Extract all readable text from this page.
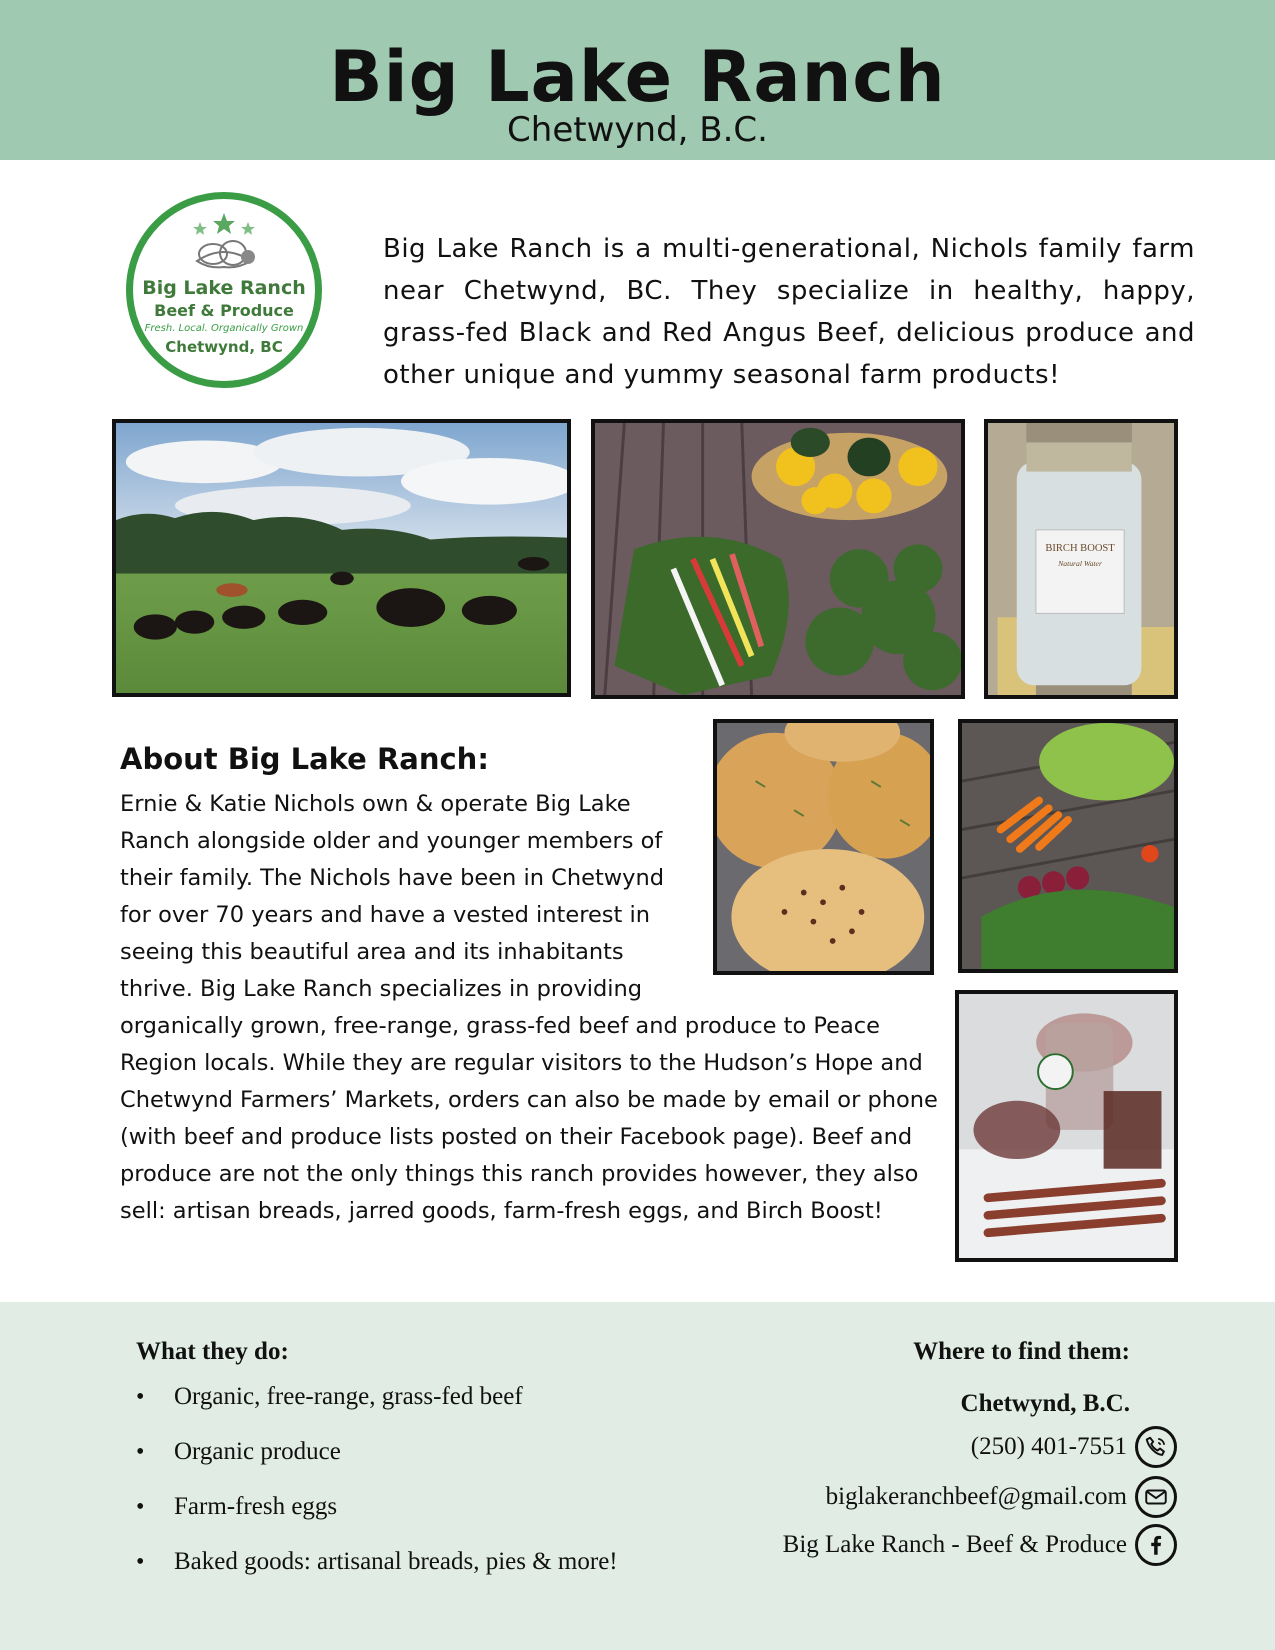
Big Lake Ranch
Chetwynd, B.C.
Big Lake Ranch
Beef & Produce
Fresh. Local. Organically Grown
Chetwynd, BC
Big Lake Ranch is a multi-generational, Nichols family farm near Chetwynd, BC. They specialize in healthy, happy, grass-fed Black and Red Angus Beef, delicious produce and other unique and yummy seasonal farm products!
BIRCH BOOST
Natural Water
About Big Lake Ranch:
Ernie & Katie Nichols own & operate Big Lake Ranch alongside older and younger members of their family. The Nichols have been in Chetwynd for over 70 years and have a vested interest in seeing this beautiful area and its inhabitants thrive. Big Lake Ranch specializes in providing
organically grown, free-range, grass-fed beef and produce to Peace Region locals. While they are regular visitors to the Hudson’s Hope and Chetwynd Farmers’ Markets, orders can also be made by email or phone (with beef and produce lists posted on their Facebook page). Beef and produce are not the only things this ranch provides however, they also sell: artisan breads, jarred goods, farm-fresh eggs, and Birch Boost!
What they do:
• Organic, free-range, grass-fed beef
• Organic produce
• Farm-fresh eggs
• Baked goods: artisanal breads, pies & more!
Where to find them:
Chetwynd, B.C.
(250) 401-7551
biglakeranchbeef@gmail.com
Big Lake Ranch - Beef & Produce
